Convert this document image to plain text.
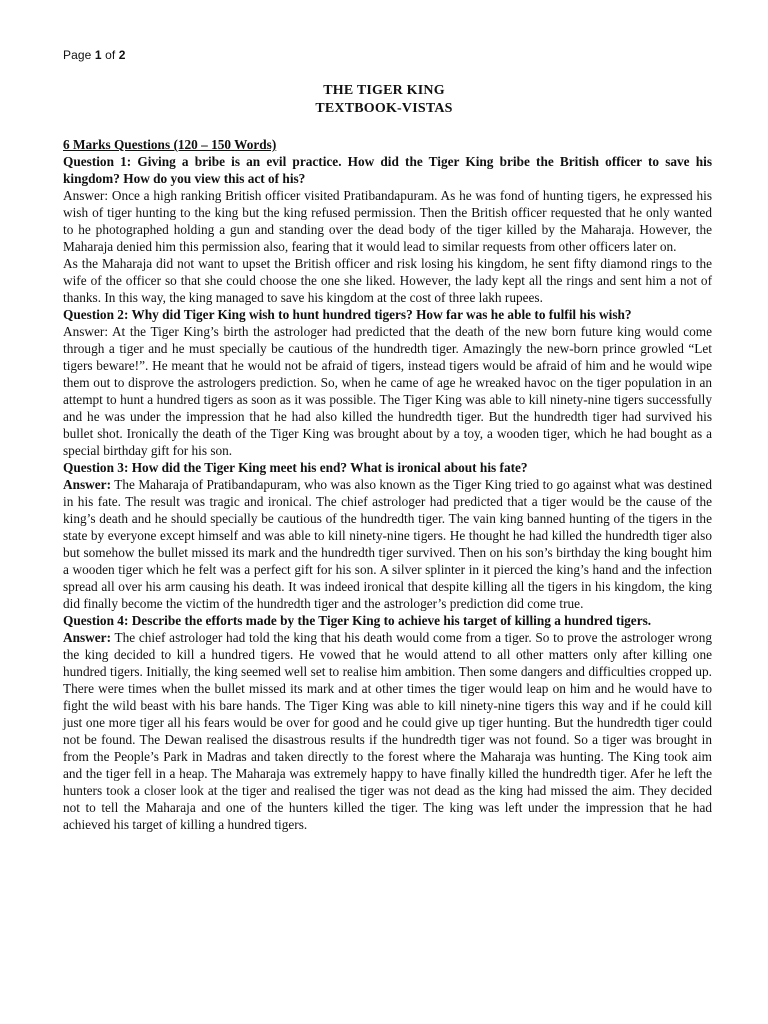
Page 1 of 2
THE TIGER KING
TEXTBOOK-VISTAS

6 Marks Questions (120 – 150 Words)

Question 1: Giving a bribe is an evil practice. How did the Tiger King bribe the British officer to save his kingdom? How do you view this act of his?

Answer: Once a high ranking British officer visited Pratibandapuram. As he was fond of hunting tigers, he expressed his wish of tiger hunting to the king but the king refused permission. Then the British officer requested that he only wanted to he photographed holding a gun and standing over the dead body of the tiger killed by the Maharaja. However, the Maharaja denied him this permission also, fearing that it would lead to similar requests from other officers later on.

As the Maharaja did not want to upset the British officer and risk losing his kingdom, he sent fifty diamond rings to the wife of the officer so that she could choose the one she liked. However, the lady kept all the rings and sent him a not of thanks. In this way, the king managed to save his kingdom at the cost of three lakh rupees.

Question 2: Why did Tiger King wish to hunt hundred tigers? How far was he able to fulfil his wish?

Answer: At the Tiger King’s birth the astrologer had predicted that the death of the new born future king would come through a tiger and he must specially be cautious of the hundredth tiger. Amazingly the new-born prince growled “Let tigers beware!”. He meant that he would not be afraid of tigers, instead tigers would be afraid of him and he would wipe them out to disprove the astrologers prediction. So, when he came of age he wreaked havoc on the tiger population in an attempt to hunt a hundred tigers as soon as it was possible. The Tiger King was able to kill ninety-nine tigers successfully and he was under the impression that he had also killed the hundredth tiger. But the hundredth tiger had survived his bullet shot. Ironically the death of the Tiger King was brought about by a toy, a wooden tiger, which he had bought as a special birthday gift for his son.

Question 3: How did the Tiger King meet his end? What is ironical about his fate?

Answer: The Maharaja of Pratibandapuram, who was also known as the Tiger King tried to go against what was destined in his fate. The result was tragic and ironical. The chief astrologer had predicted that a tiger would be the cause of the king’s death and he should specially be cautious of the hundredth tiger. The vain king banned hunting of the tigers in the state by everyone except himself and was able to kill ninety-nine tigers. He thought he had killed the hundredth tiger also but somehow the bullet missed its mark and the hundredth tiger survived. Then on his son’s birthday the king bought him a wooden tiger which he felt was a perfect gift for his son. A silver splinter in it pierced the king’s hand and the infection spread all over his arm causing his death. It was indeed ironical that despite killing all the tigers in his kingdom, the king did finally become the victim of the hundredth tiger and the astrologer’s prediction did come true.

Question 4: Describe the efforts made by the Tiger King to achieve his target of killing a hundred tigers.

Answer: The chief astrologer had told the king that his death would come from a tiger. So to prove the astrologer wrong the king decided to kill a hundred tigers. He vowed that he would attend to all other matters only after killing one hundred tigers. Initially, the king seemed well set to realise him ambition. Then some dangers and difficulties cropped up. There were times when the bullet missed its mark and at other times the tiger would leap on him and he would have to fight the wild beast with his bare hands. The Tiger King was able to kill ninety-nine tigers this way and if he could kill just one more tiger all his fears would be over for good and he could give up tiger hunting. But the hundredth tiger could not be found. The Dewan realised the disastrous results if the hundredth tiger was not found. So a tiger was brought in from the People’s Park in Madras and taken directly to the forest where the Maharaja was hunting. The King took aim and the tiger fell in a heap. The Maharaja was extremely happy to have finally killed the hundredth tiger. Afer he left the hunters took a closer look at the tiger and realised the tiger was not dead as the king had missed the aim. They decided not to tell the Maharaja and one of the hunters killed the tiger. The king was left under the impression that he had achieved his target of killing a hundred tigers.
